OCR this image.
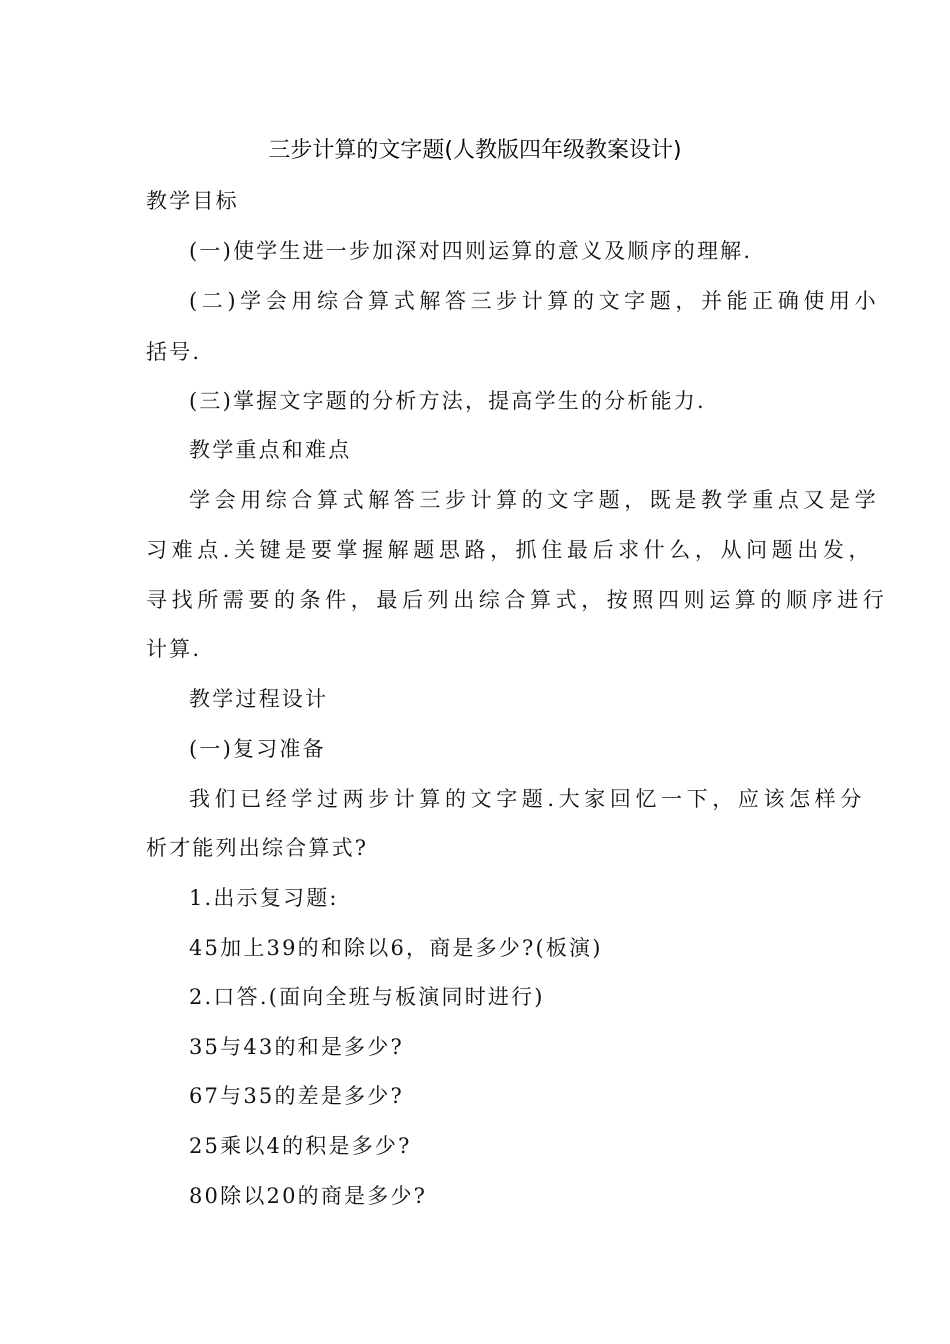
三步计算的文字题(人教版四年级教案设计)
教学目标
(一)使学生进一步加深对四则运算的意义及顺序的理解.
(二)学会用综合算式解答三步计算的文字题，并能正确使用小
括号.
(三)掌握文字题的分析方法，提高学生的分析能力.
教学重点和难点
学会用综合算式解答三步计算的文字题，既是教学重点又是学
习难点.关键是要掌握解题思路，抓住最后求什么，从问题出发，
寻找所需要的条件，最后列出综合算式，按照四则运算的顺序进行
计算.
教学过程设计
(一)复习准备
我们已经学过两步计算的文字题.大家回忆一下，应该怎样分
析才能列出综合算式?
1.出示复习题:
45加上39的和除以6，商是多少?(板演)
2.口答.(面向全班与板演同时进行)
35与43的和是多少?
67与35的差是多少?
25乘以4的积是多少?
80除以20的商是多少?
